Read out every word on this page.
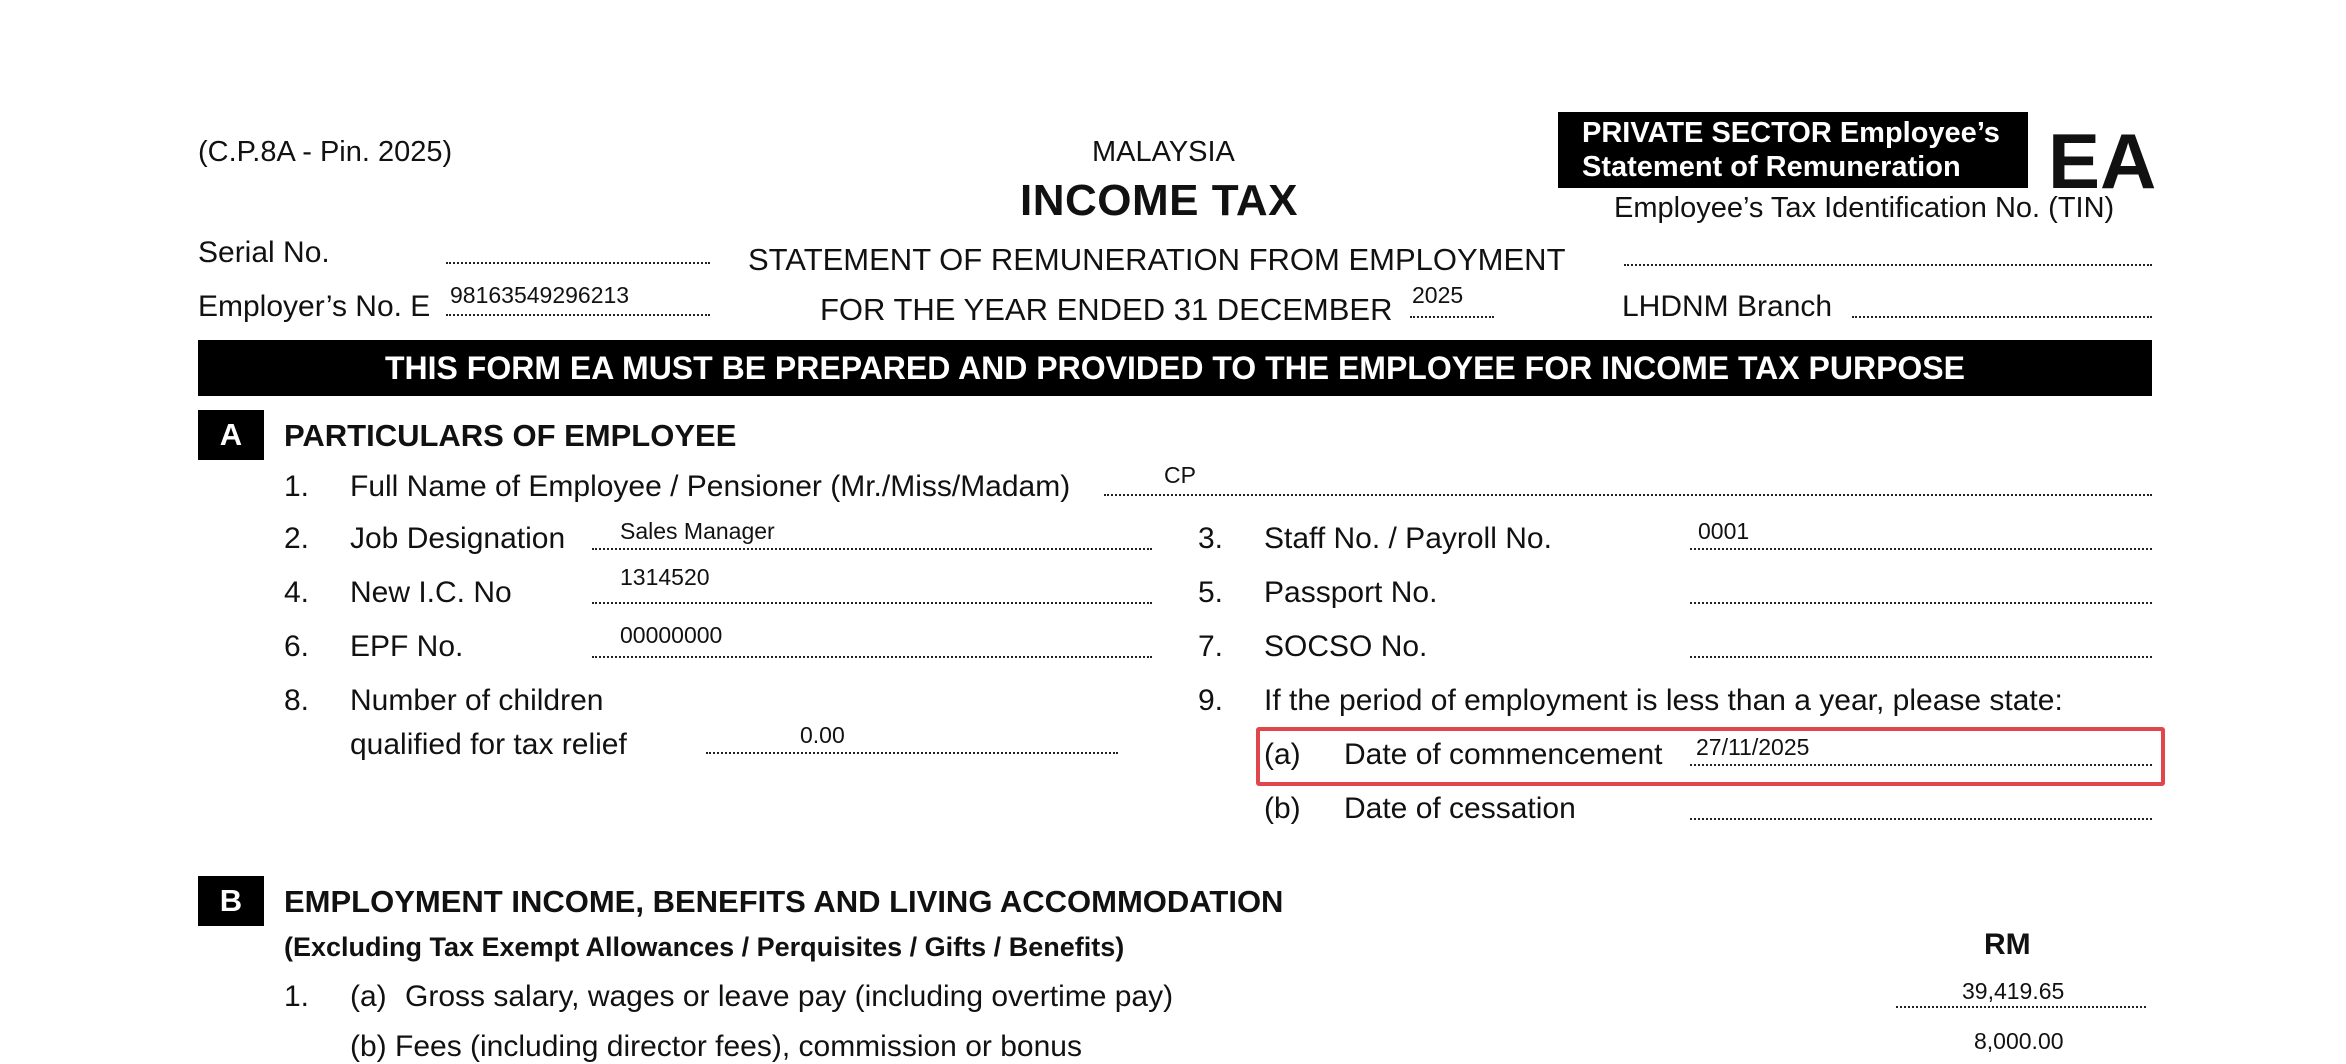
(C.P.8A - Pin. 2025)	MALAYSIA
INCOME TAX
PRIVATE SECTOR Employee’s
Statement of Remuneration	EA
Employee’s Tax Identification No. (TIN)
Serial No.	STATEMENT OF REMUNERATION FROM EMPLOYMENT
Employer’s No. E 98163549296213	FOR THE YEAR ENDED 31 DECEMBER 2025	LHDNM Branch
THIS FORM EA MUST BE PREPARED AND PROVIDED TO THE EMPLOYEE FOR INCOME TAX PURPOSE
A	PARTICULARS OF EMPLOYEE
1. Full Name of Employee / Pensioner (Mr./Miss/Madam)	CP
2. Job Designation Sales Manager	3. Staff No. / Payroll No.	0001
4. New I.C. No	1314520	5. Passport No.
6. EPF No.	00000000	7. SOCSO No.
8. Number of children
qualified for tax relief	0.00
9. If the period of employment is less than a year, please state:
(a) Date of commencement 27/11/2025
(b) Date of cessation
B	EMPLOYMENT INCOME, BENEFITS AND LIVING ACCOMMODATION
(Excluding Tax Exempt Allowances / Perquisites / Gifts / Benefits)	RM
1. (a) Gross salary, wages or leave pay (including overtime pay)	39,419.65
(b) Fees (including director fees), commission or bonus	8,000.00
